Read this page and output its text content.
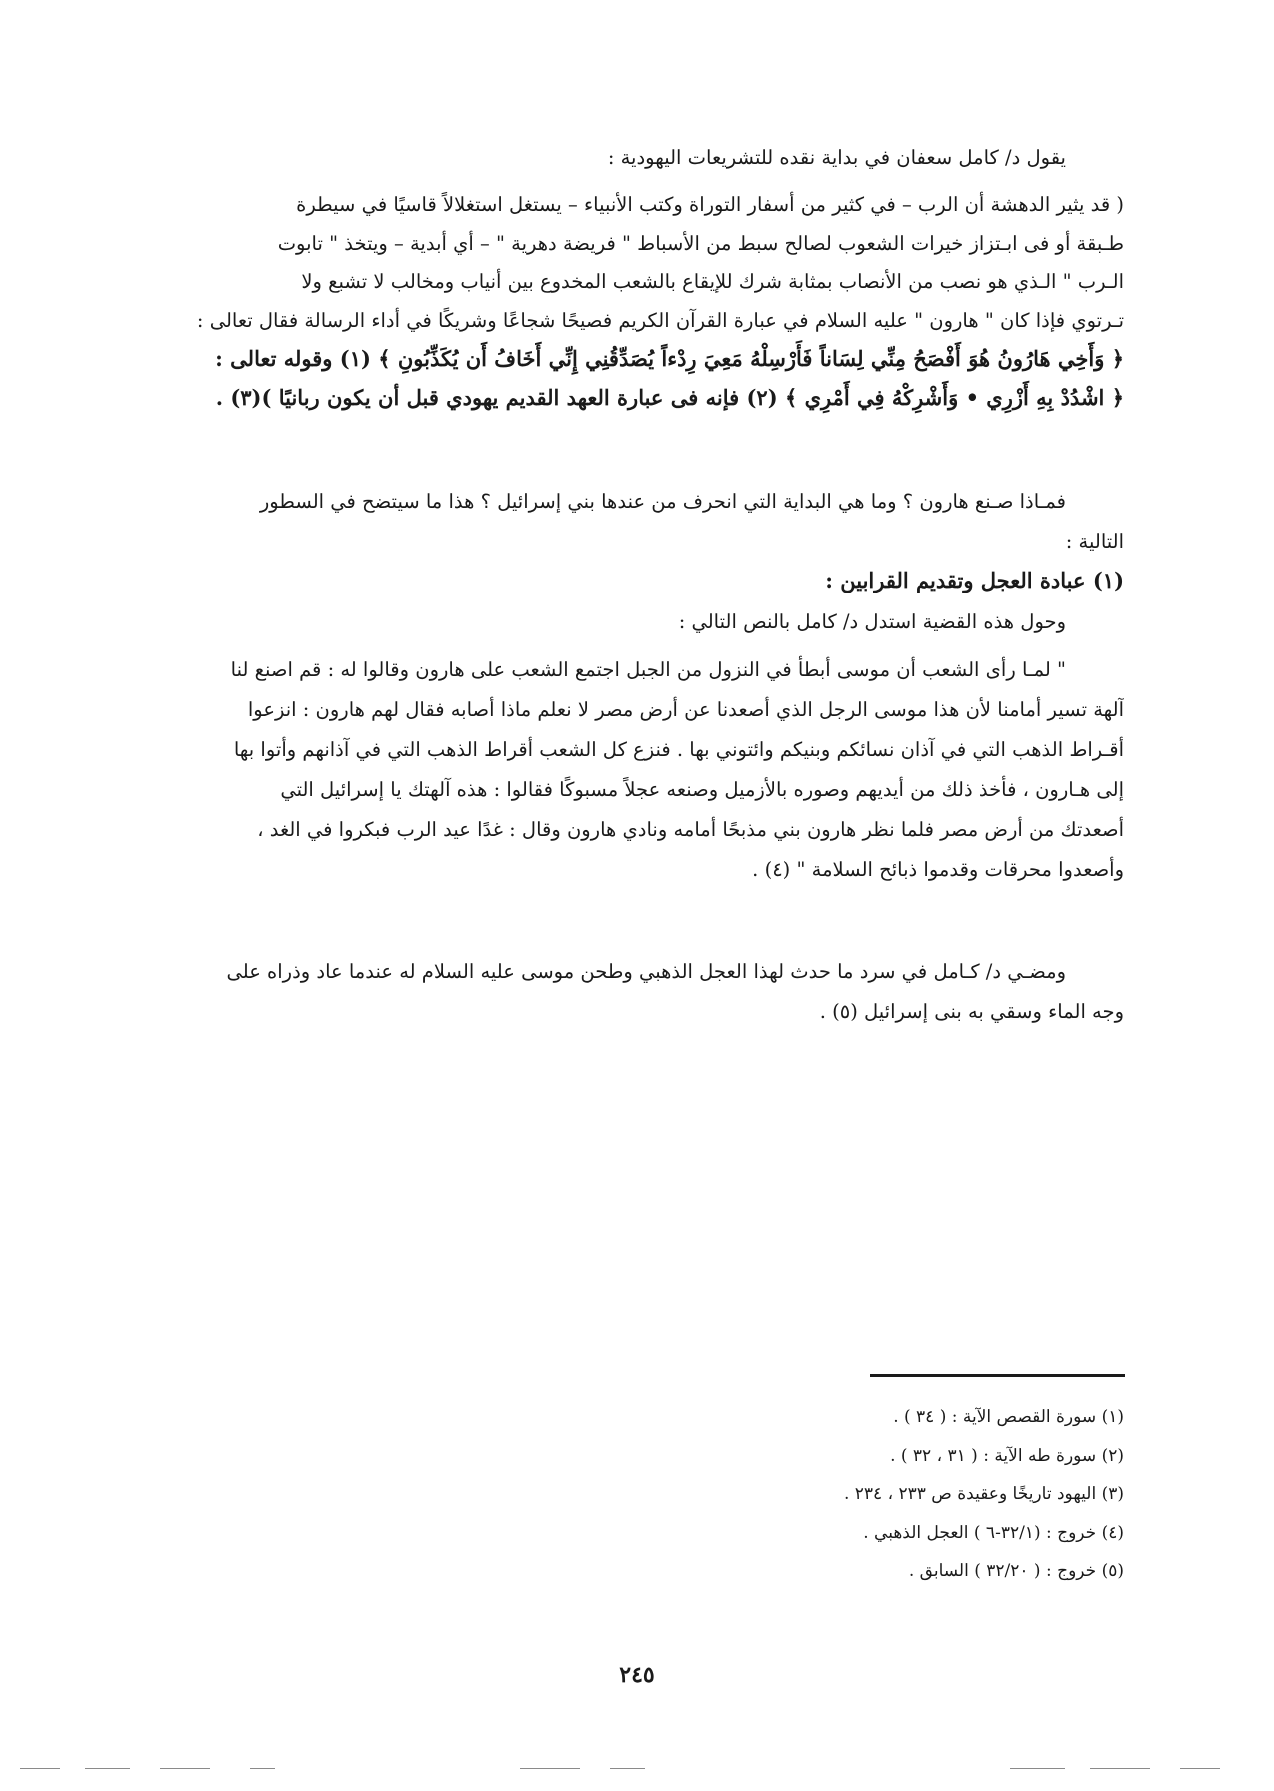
يقول د/ كامل سعفان في بداية نقده للتشريعات اليهودية :
( قد يثير الدهشة أن الرب – في كثير من أسفار التوراة وكتب الأنبياء – يستغل استغلالاً قاسيًا في سيطرة
طـبقة أو فى ابـتزاز خيرات الشعوب لصالح سبط من الأسباط " فريضة دهرية " – أي أبدية – ويتخذ " تابوت
الـرب " الـذي هو نصب من الأنصاب بمثابة شرك للإيقاع بالشعب المخدوع بين أنياب ومخالب لا تشبع ولا
تـرتوي فإذا كان " هارون " عليه السلام في عبارة القرآن الكريم فصيحًا شجاعًا وشريكًا في أداء الرسالة فقال تعالى :
﴿ وَأَخِي هَارُونُ هُوَ أَفْصَحُ مِنِّي لِسَاناً فَأَرْسِلْهُ مَعِيَ رِدْءاً يُصَدِّقُنِي إِنِّي أَخَافُ أَن يُكَذِّبُونِ ﴾ (١) وقوله تعالى :
﴿ اشْدُدْ بِهِ أَزْرِي • وَأَشْرِكْهُ فِي أَمْرِي ﴾ (٢) فإنه فى عبارة العهد القديم يهودي قبل أن يكون ربانيًا )(٣) .
فمـاذا صـنع هارون ؟ وما هي البداية التي انحرف من عندها بني إسرائيل ؟ هذا ما سيتضح في السطور
التالية :
(١) عبادة العجل وتقديم القرابين :
وحول هذه القضية استدل د/ كامل بالنص التالي :
" لمـا رأى الشعب أن موسى أبطأ في النزول من الجبل اجتمع الشعب على هارون وقالوا له : قم اصنع لنا
آلهة تسير أمامنا لأن هذا موسى الرجل الذي أصعدنا عن أرض مصر لا نعلم ماذا أصابه فقال لهم هارون : انزعوا
أقـراط الذهب التي في آذان نسائكم وبنيكم وائتوني بها . فنزع كل الشعب أقراط الذهب التي في آذانهم وأتوا بها
إلى هـارون ، فأخذ ذلك من أيديهم وصوره بالأزميل وصنعه عجلاً مسبوكًا فقالوا : هذه آلهتك يا إسرائيل التي
أصعدتك من أرض مصر فلما نظر هارون بني مذبحًا أمامه ونادي هارون وقال : غدًا عيد الرب فبكروا في الغد ،
وأصعدوا محرقات وقدموا ذبائح السلامة " (٤) .
ومضـي د/ كـامل في سرد ما حدث لهذا العجل الذهبي وطحن موسى عليه السلام له عندما عاد وذراه على
وجه الماء وسقي به بنى إسرائيل (٥) .
(١) سورة القصص الآية : ( ٣٤ ) .
(٢) سورة طه الآية : ( ٣١ ، ٣٢ ) .
(٣) اليهود تاريخًا وعقيدة ص ٢٣٣ ، ٢٣٤ .
(٤) خروج : (٣٢/١-٦ ) العجل الذهبي .
(٥) خروج : ( ٣٢/٢٠ ) السابق .
٢٤٥
